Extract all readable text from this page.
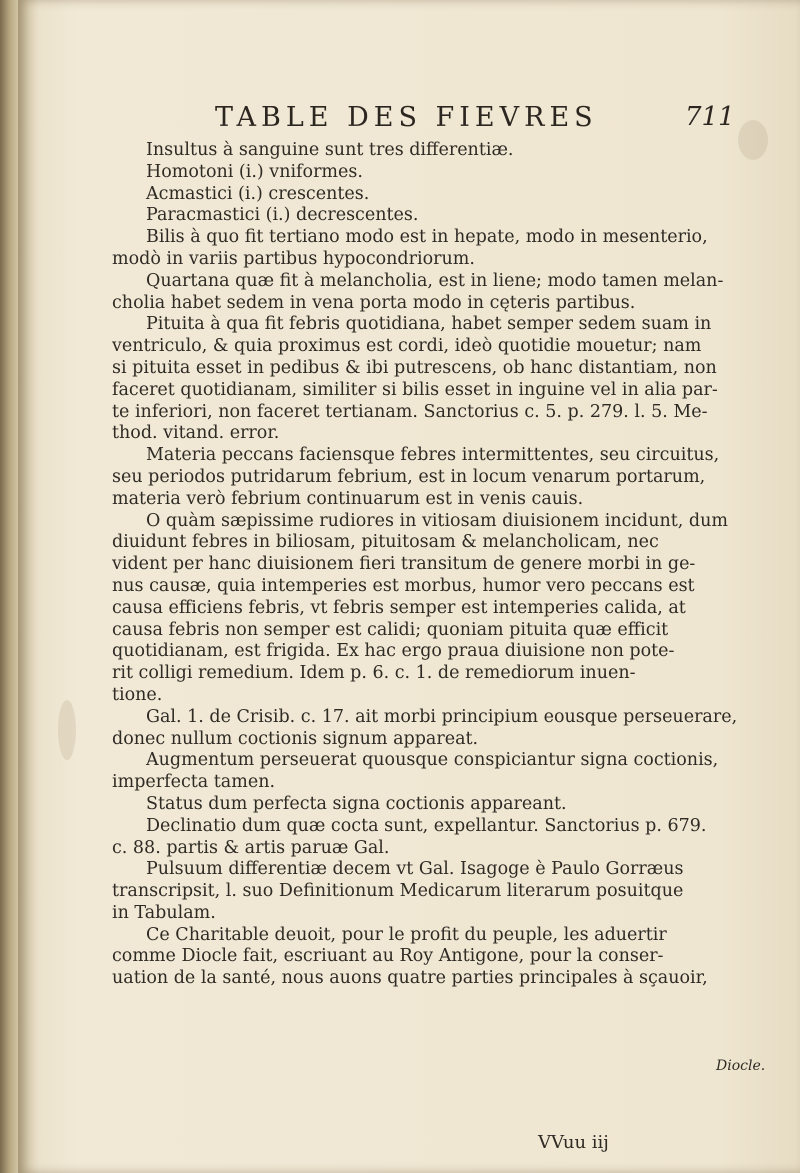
TABLE DES FIEVRES	711
Insultus à sanguine sunt tres differentiæ.
Homotoni (i.) vniformes.
Acmastici (i.) crescentes.
Paracmastici (i.) decrescentes.
Bilis à quo fit tertiano modo est in hepate, modo in mesenterio,
modò in variis partibus hypocondriorum.
Quartana quæ fit à melancholia, est in liene; modo tamen melan-
cholia habet sedem in vena porta modo in cęteris partibus.
Pituita à qua fit febris quotidiana, habet semper sedem suam in
ventriculo, & quia proximus est cordi, ideò quotidie mouetur; nam
si pituita esset in pedibus & ibi putrescens, ob hanc distantiam, non
faceret quotidianam, similiter si bilis esset in inguine vel in alia par-
te inferiori, non faceret tertianam. Sanctorius c. 5. p. 279. l. 5. Me-
thod. vitand. error.
Materia peccans faciensque febres intermittentes, seu circuitus,
seu periodos putridarum febrium, est in locum venarum portarum,
materia verò febrium continuarum est in venis cauis.
O quàm sæpissime rudiores in vitiosam diuisionem incidunt, dum
diuidunt febres in biliosam, pituitosam & melancholicam, nec
vident per hanc diuisionem fieri transitum de genere morbi in ge-
nus causæ, quia intemperies est morbus, humor vero peccans est
causa efficiens febris, vt febris semper est intemperies calida, at
causa febris non semper est calidi; quoniam pituita quæ efficit
quotidianam, est frigida. Ex hac ergo praua diuisione non pote-
rit colligi remedium. Idem p. 6. c. 1. de remediorum inuen-
tione.
Gal. 1. de Crisib. c. 17. ait morbi principium eousque perseuerare,
donec nullum coctionis signum appareat.
Augmentum perseuerat quousque conspiciantur signa coctionis,
imperfecta tamen.
Status dum perfecta signa coctionis appareant.
Declinatio dum quæ cocta sunt, expellantur. Sanctorius p. 679.
c. 88. partis & artis paruæ Gal.
Pulsuum differentiæ decem vt Gal. Isagoge è Paulo Gorræus
transcripsit, l. suo Definitionum Medicarum literarum posuitque
in Tabulam.
Ce Charitable deuoit, pour le profit du peuple, les aduertir
comme Diocle fait, escriuant au Roy Antigone, pour la conser-
uation de la santé, nous auons quatre parties principales à sçauoir,
Diocle.
VVuu iij
